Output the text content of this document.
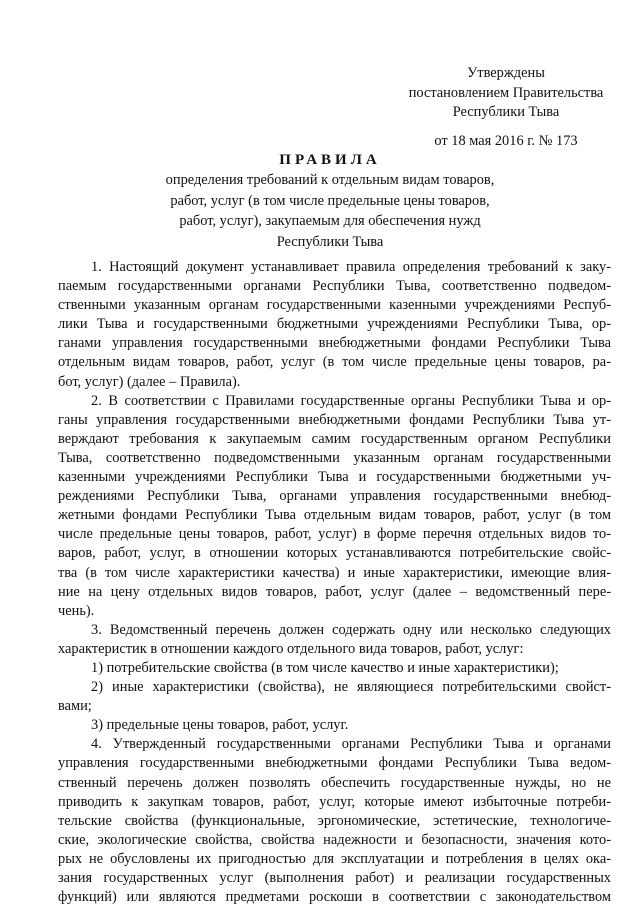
Утверждены
постановлением Правительства
Республики Тыва
от 18 мая 2016 г. № 173
ПРАВИЛА
определения требований к отдельным видам товаров,
работ, услуг (в том числе предельные цены товаров,
работ, услуг), закупаемым для обеспечения нужд
Республики Тыва
1. Настоящий документ устанавливает правила определения требований к заку-
паемым государственными органами Республики Тыва, соответственно подведом-
ственными указанным органам государственными казенными учреждениями Респуб-
лики Тыва и государственными бюджетными учреждениями Республики Тыва, ор-
ганами управления государственными внебюджетными фондами Республики Тыва
отдельным видам товаров, работ, услуг (в том числе предельные цены товаров, ра-
бот, услуг) (далее – Правила).
2. В соответствии с Правилами государственные органы Республики Тыва и ор-
ганы управления государственными внебюджетными фондами Республики Тыва ут-
верждают требования к закупаемым самим государственным органом Республики
Тыва, соответственно подведомственными указанным органам государственными
казенными учреждениями Республики Тыва и государственными бюджетными уч-
реждениями Республики Тыва, органами управления государственными внебюд-
жетными фондами Республики Тыва отдельным видам товаров, работ, услуг (в том
числе предельные цены товаров, работ, услуг) в форме перечня отдельных видов то-
варов, работ, услуг, в отношении которых устанавливаются потребительские свойс-
тва (в том числе характеристики качества) и иные характеристики, имеющие влия-
ние на цену отдельных видов товаров, работ, услуг (далее – ведомственный пере-
чень).
3. Ведомственный перечень должен содержать одну или несколько следующих
характеристик в отношении каждого отдельного вида товаров, работ, услуг:
1) потребительские свойства (в том числе качество и иные характеристики);
2) иные характеристики (свойства), не являющиеся потребительскими свойст-
вами;
3) предельные цены товаров, работ, услуг.
4. Утвержденный государственными органами Республики Тыва и органами
управления государственными внебюджетными фондами Республики Тыва ведом-
ственный перечень должен позволять обеспечить государственные нужды, но не
приводить к закупкам товаров, работ, услуг, которые имеют избыточные потреби-
тельские свойства (функциональные, эргономические, эстетические, технологиче-
ские, экологические свойства, свойства надежности и безопасности, значения кото-
рых не обусловлены их пригодностью для эксплуатации и потребления в целях ока-
зания государственных услуг (выполнения работ) и реализации государственных
функций) или являются предметами роскоши в соответствии с законодательством
